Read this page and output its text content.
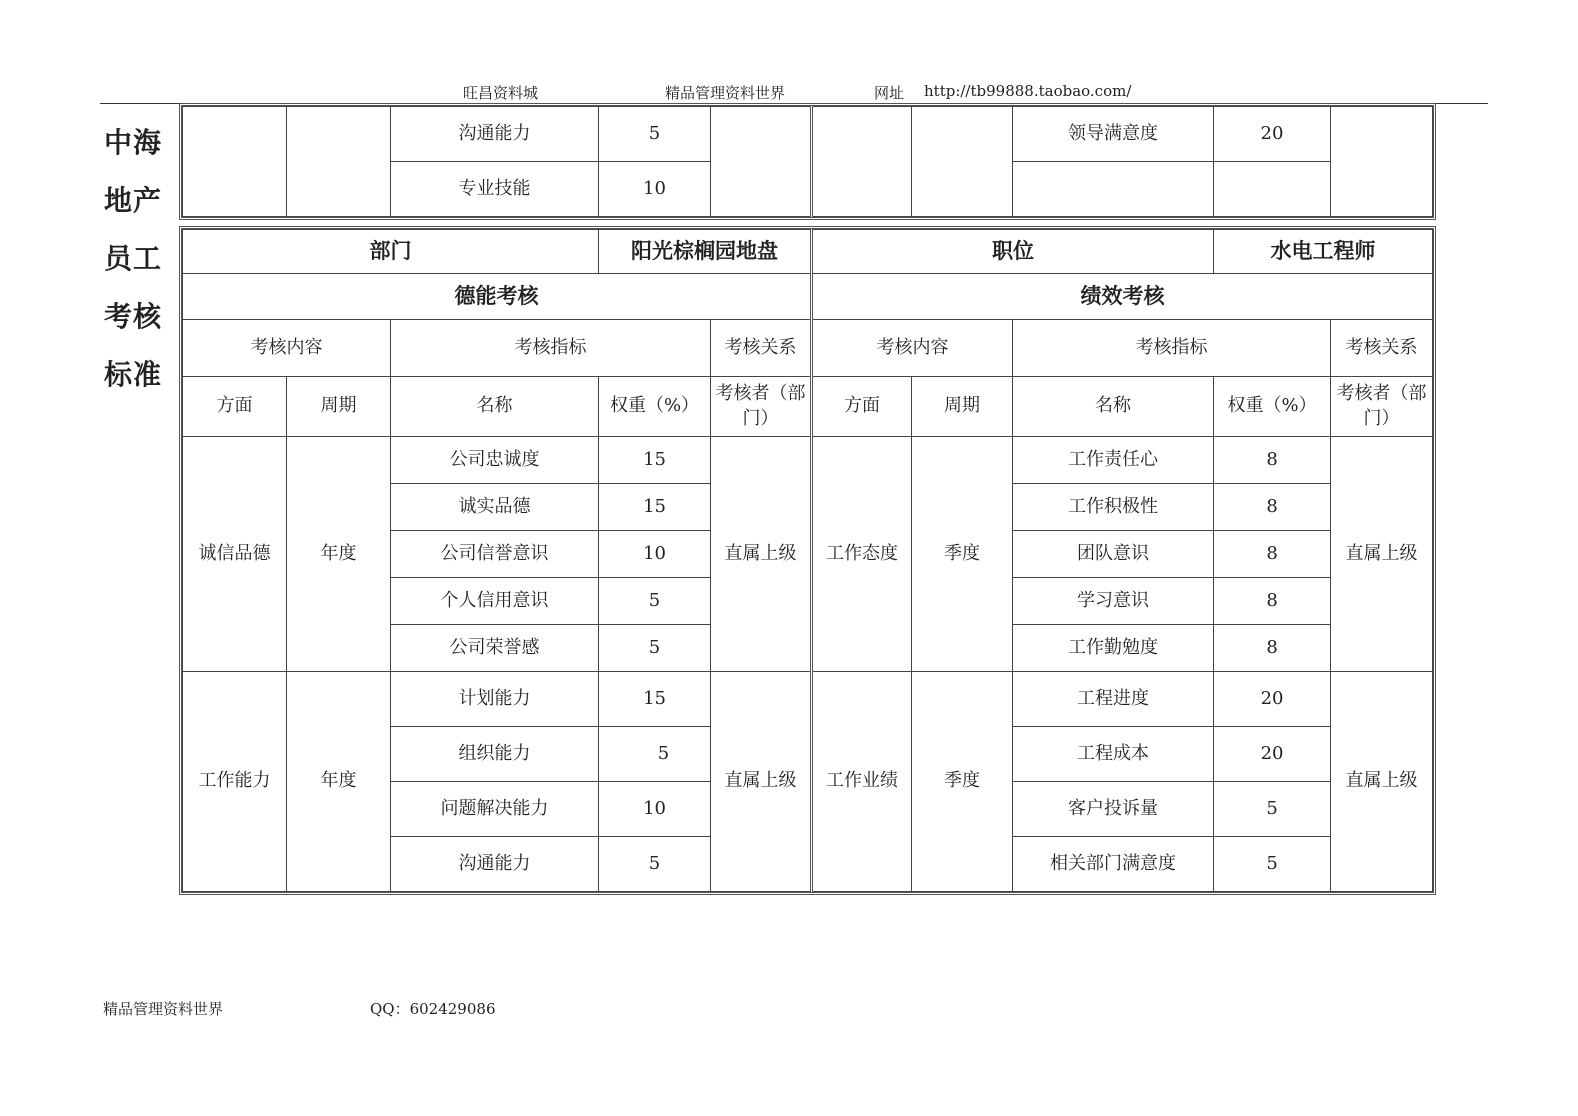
旺昌资料城	精品管理资料世界	网址 http://tb99888.taobao.com/
中海
地产
员工
考核
标准
		沟通能力	5				领导满意度	20	
		专业技能	10						
部门			阳光棕榈园地盘		职位			水电工程师	
德能考核					绩效考核				
考核内容		考核指标		考核关系	考核内容		考核指标		考核关系
方面	周期	名称	权重（%）	考核者（部门）	方面	周期	名称	权重（%）	考核者（部门）
诚信品德	年度	公司忠诚度	15	直属上级	工作态度	季度	工作责任心	8	直属上级
		诚实品德	15				工作积极性	8	
		公司信誉意识	10				团队意识	8	
		个人信用意识	5				学习意识	8	
		公司荣誉感	5				工作勤勉度	8	
工作能力	年度	计划能力	15	直属上级	工作业绩	季度	工程进度	20	直属上级
		组织能力	5				工程成本	20	
		问题解决能力	10				客户投诉量	5	
		沟通能力	5				相关部门满意度	5	
精品管理资料世界	QQ：602429086
